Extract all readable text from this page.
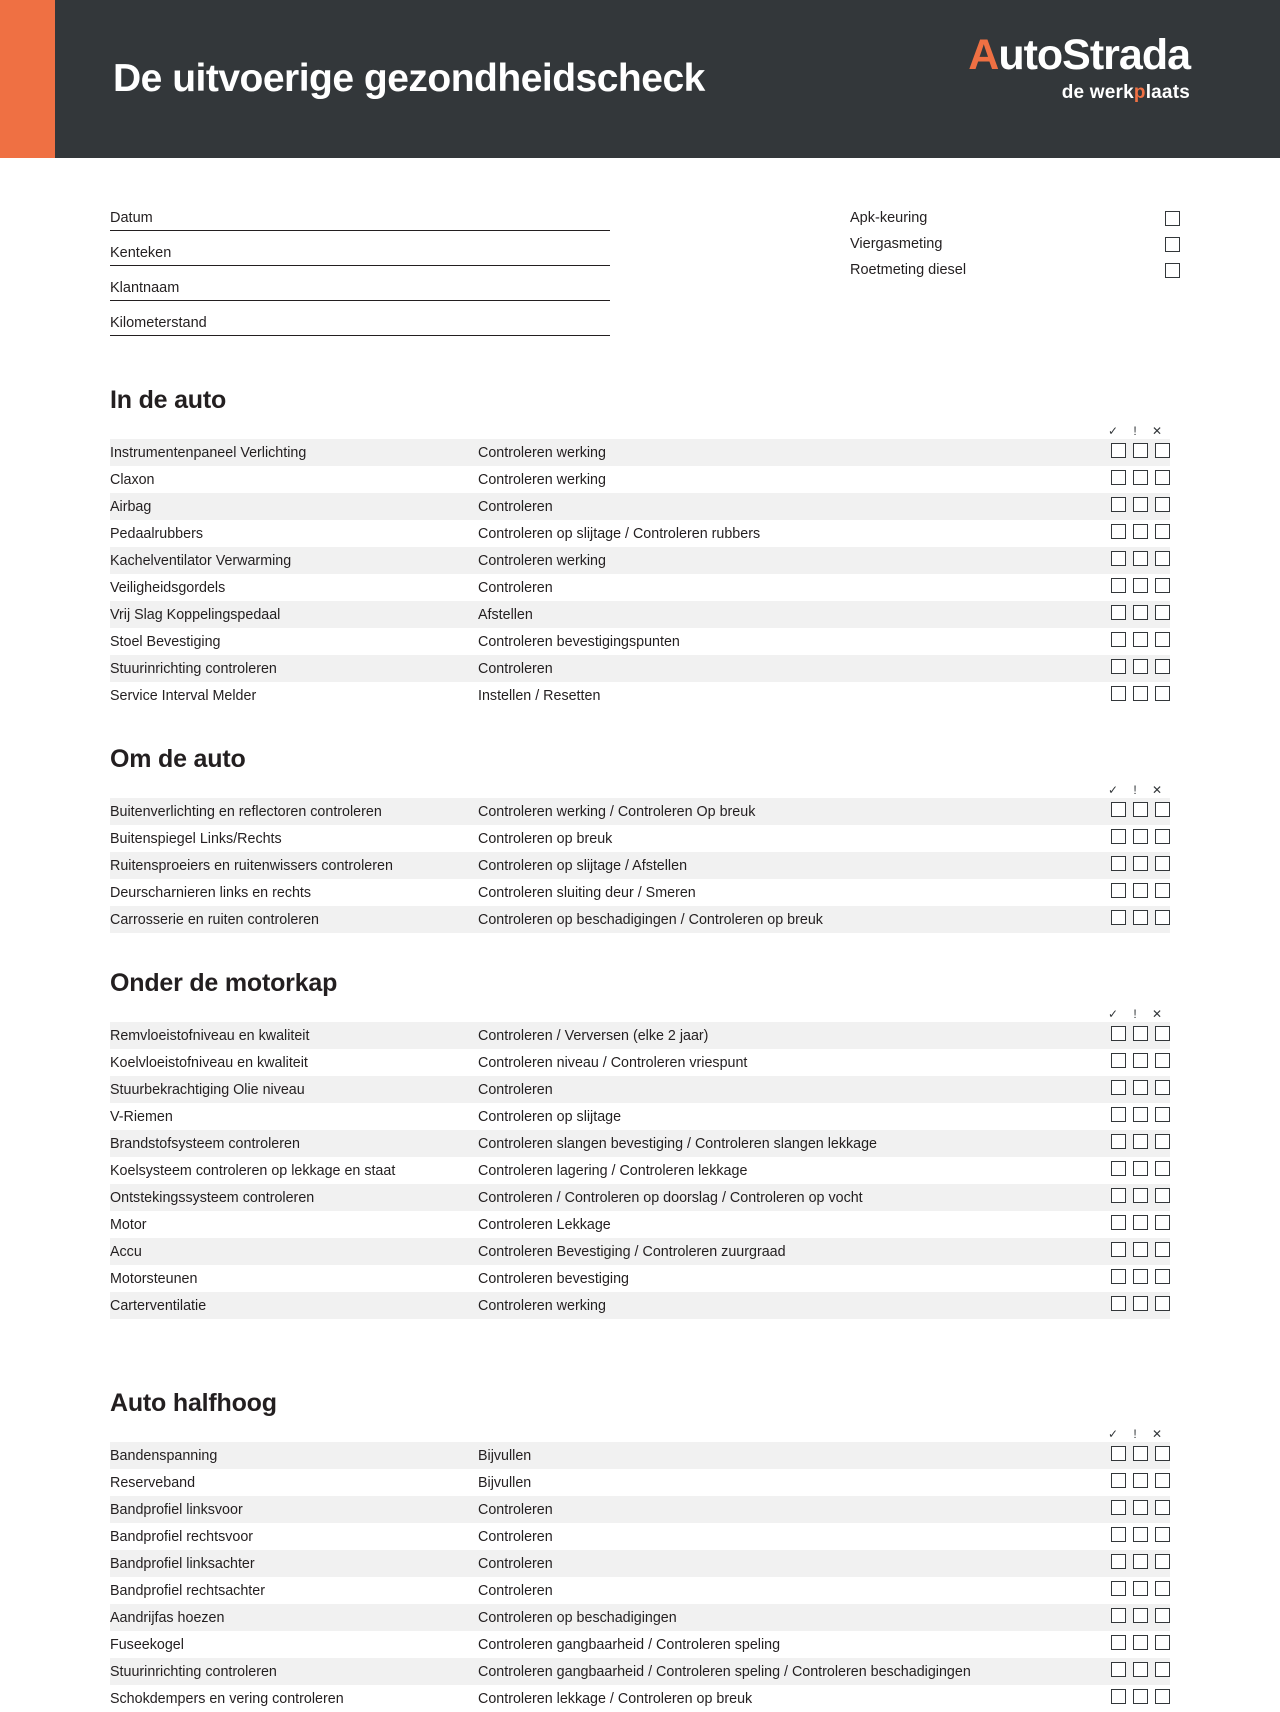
De uitvoerige gezondheidscheck	AutoStrada
de werkplaats
Datum
Kenteken
Klantnaam
Kilometerstand
Apk-keuring
Viergasmeting
Roetmeting diesel
In de auto
✓	!	✕
Instrumentenpaneel Verlichting	Controleren werking	
Claxon	Controleren werking	
Airbag	Controleren	
Pedaalrubbers	Controleren op slijtage / Controleren rubbers	
Kachelventilator Verwarming	Controleren werking	
Veiligheidsgordels	Controleren	
Vrij Slag Koppelingspedaal	Afstellen	
Stoel Bevestiging	Controleren bevestigingspunten	
Stuurinrichting controleren	Controleren	
Service Interval Melder	Instellen / Resetten	
Om de auto
✓	!	✕
Buitenverlichting en reflectoren controleren	Controleren werking / Controleren Op breuk	
Buitenspiegel Links/Rechts	Controleren op breuk	
Ruitensproeiers en ruitenwissers controleren	Controleren op slijtage / Afstellen	
Deurscharnieren links en rechts	Controleren sluiting deur / Smeren	
Carrosserie en ruiten controleren	Controleren op beschadigingen / Controleren op breuk	
Onder de motorkap
✓	!	✕
Remvloeistofniveau en kwaliteit	Controleren / Verversen (elke 2 jaar)	
Koelvloeistofniveau en kwaliteit	Controleren niveau / Controleren vriespunt	
Stuurbekrachtiging Olie niveau	Controleren	
V-Riemen	Controleren op slijtage	
Brandstofsysteem controleren	Controleren slangen bevestiging / Controleren slangen lekkage	
Koelsysteem controleren op lekkage en staat	Controleren lagering / Controleren lekkage	
Ontstekingssysteem controleren	Controleren / Controleren op doorslag / Controleren op vocht	
Motor	Controleren Lekkage	
Accu	Controleren Bevestiging / Controleren zuurgraad	
Motorsteunen	Controleren bevestiging	
Carterventilatie	Controleren werking	
Auto halfhoog
✓	!	✕
Bandenspanning	Bijvullen	
Reserveband	Bijvullen	
Bandprofiel linksvoor	Controleren	
Bandprofiel rechtsvoor	Controleren	
Bandprofiel linksachter	Controleren	
Bandprofiel rechtsachter	Controleren	
Aandrijfas hoezen	Controleren op beschadigingen	
Fuseekogel	Controleren gangbaarheid / Controleren speling	
Stuurinrichting controleren	Controleren gangbaarheid / Controleren speling / Controleren beschadigingen	
Schokdempers en vering controleren	Controleren lekkage / Controleren op breuk	
